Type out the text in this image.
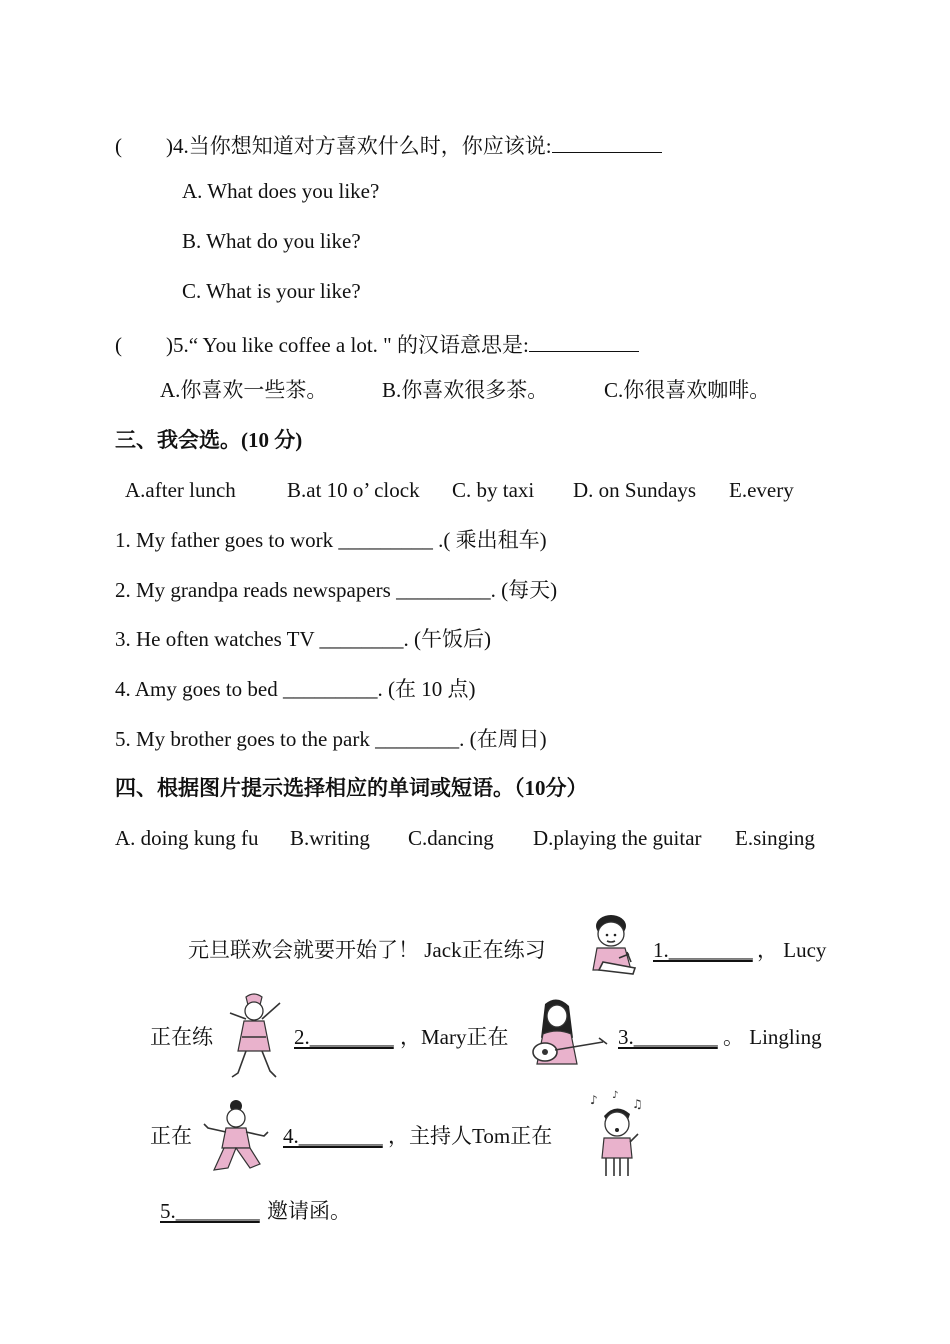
( )4.当你想知道对方喜欢什么时，你应该说:
A. What does you like?
B. What do you like?
C. What is your like?
( )5.“ You like coffee a lot. " 的汉语意思是:
A.你喜欢一些茶。	B.你喜欢很多茶。	C.你很喜欢咖啡。
三、我会选。(10 分)
A.after lunch B.at 10 o’ clock C. by taxi D. on Sundays E.every
1. My father goes to work _________ .( 乘出租车)
2. My grandpa reads newspapers _________. (每天)
3. He often watches TV ________. (午饭后)
4. Amy goes to bed _________. (在 10 点)
5. My brother goes to the park ________. (在周日)
四、根据图片提示选择相应的单词或短语。（10分）
A. doing kung fu B.writing C.dancing D.playing the guitar E.singing
元旦联欢会就要开始了！ Jack正在练习	1.________ ， Lucy
正在练	2.________ ，Mary正在	3.________ 。 Lingling
正在	4.________ ，主持人Tom正在
♪	♫
♪
5.________ 邀请函。
